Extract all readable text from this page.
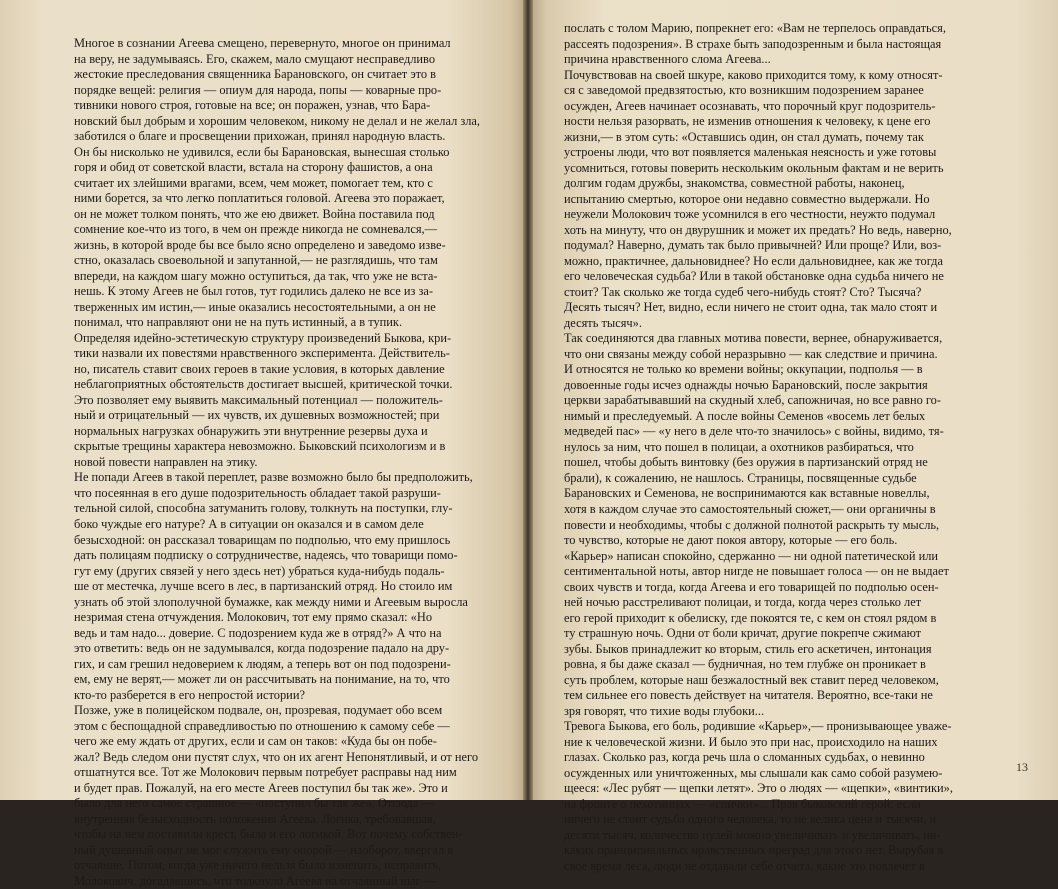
Многое в сознании Агеева смещено, перевернуто, многое он принимал
на веру, не задумываясь. Его, скажем, мало смущают несправедливо
жестокие преследования священника Барановского, он считает это в
порядке вещей: религия — опиум для народа, попы — коварные про-
тивники нового строя, готовые на все; он поражен, узнав, что Бара-
новский был добрым и хорошим человеком, никому не делал и не желал зла,
заботился о благе и просвещении прихожан, принял народную власть.
Он бы нисколько не удивился, если бы Барановская, вынесшая столько
горя и обид от советской власти, встала на сторону фашистов, а она
считает их злейшими врагами, всем, чем может, помогает тем, кто с
ними борется, за что легко поплатиться головой. Агеева это поражает,
он не может толком понять, что же ею движет. Война поставила под
сомнение кое-что из того, в чем он прежде никогда не сомневался,—
жизнь, в которой вроде бы все было ясно определено и заведомо изве-
стно, оказалась своевольной и запутанной,— не разглядишь, что там
впереди, на каждом шагу можно оступиться, да так, что уже не вста-
нешь. К этому Агеев не был готов, тут годились далеко не все из за-
тверженных им истин,— иные оказались несостоятельными, а он не
понимал, что направляют они не на путь истинный, а в тупик.
Определяя идейно-эстетическую структуру произведений Быкова, кри-
тики назвали их повестями нравственного эксперимента. Действитель-
но, писатель ставит своих героев в такие условия, в которых давление
неблагоприятных обстоятельств достигает высшей, критической точки.
Это позволяет ему выявить максимальный потенциал — положитель-
ный и отрицательный — их чувств, их душевных возможностей; при
нормальных нагрузках обнаружить эти внутренние резервы духа и
скрытые трещины характера невозможно. Быковский психологизм и в
новой повести направлен на этику.
Не попади Агеев в такой переплет, разве возможно было бы предположить,
что посеянная в его душе подозрительность обладает такой разруши-
тельной силой, способна затуманить голову, толкнуть на поступки, глу-
боко чуждые его натуре? А в ситуации он оказался и в самом деле
безысходной: он рассказал товарищам по подполью, что ему пришлось
дать полицаям подписку о сотрудничестве, надеясь, что товарищи помо-
гут ему (других связей у него здесь нет) убраться куда-нибудь подаль-
ше от местечка, лучше всего в лес, в партизанский отряд. Но стоило им
узнать об этой злополучной бумажке, как между ними и Агеевым выросла
незримая стена отчуждения. Молокович, тот ему прямо сказал: «Но
ведь и там надо... доверие. С подозрением куда же в отряд?» А что на
это ответить: ведь он не задумывался, когда подозрение падало на дру-
гих, и сам грешил недоверием к людям, а теперь вот он под подозрени-
ем, ему не верят,— может ли он рассчитывать на понимание, на то, что
кто-то разберется в его непростой истории?
Позже, уже в полицейском подвале, он, прозревая, подумает обо всем
этом с беспощадной справедливостью по отношению к самому себе —
чего же ему ждать от других, если и сам он таков: «Куда бы он побе-
жал? Ведь следом они пустят слух, что он их агент Непонятливый, и от него
отшатнутся все. Тот же Молокович первым потребует расправы над ним
и будет прав. Пожалуй, на его месте Агеев поступил бы так же». Это и
было для него самое страшное — «поступил бы так же». Отсюда —
внутренняя безысходность положения Агеева. Логика, требовавшая,
чтобы на нем поставили крест, была и его логикой. Вот почему собствен-
ный душевный опыт не мог служить ему опорой — наоборот, ввергал в
отчаяние. Потом, когда уже ничего нельзя было изменить, исправить,
Молокович, догадавшись, что толкнуло Агеева на отчаянный шаг —
послать с толом Марию, попрекнет его: «Вам не терпелось оправдаться,
рассеять подозрения». В страхе быть заподозренным и была настоящая
причина нравственного слома Агеева...
Почувствовав на своей шкуре, каково приходится тому, к кому относят-
ся с заведомой предвзятостью, кто возникшим подозрением заранее
осужден, Агеев начинает осознавать, что порочный круг подозритель-
ности нельзя разорвать, не изменив отношения к человеку, к цене его
жизни,— в этом суть: «Оставшись один, он стал думать, почему так
устроены люди, что вот появляется маленькая неясность и уже готовы
усомниться, готовы поверить нескольким окольным фактам и не верить
долгим годам дружбы, знакомства, совместной работы, наконец,
испытанию смертью, которое они недавно совместно выдержали. Но
неужели Молокович тоже усомнился в его честности, неужто подумал
хоть на минуту, что он двурушник и может их предать? Но ведь, наверно,
подумал? Наверно, думать так было привычней? Или проще? Или, воз-
можно, практичнее, дальновиднее? Но если дальновиднее, как же тогда
его человеческая судьба? Или в такой обстановке одна судьба ничего не
стоит? Так сколько же тогда судеб чего-нибудь стоят? Сто? Тысяча?
Десять тысяч? Нет, видно, если ничего не стоит одна, так мало стоят и
десять тысяч».
Так соединяются два главных мотива повести, вернее, обнаруживается,
что они связаны между собой неразрывно — как следствие и причина.
И относятся не только ко времени войны; оккупации, подполья — в
довоенные годы исчез однажды ночью Барановский, после закрытия
церкви зарабатывавший на скудный хлеб, сапожничая, но все равно го-
нимый и преследуемый. А после войны Семенов «восемь лет белых
медведей пас» — «у него в деле что-то значилось» с войны, видимо, тя-
нулось за ним, что пошел в полицаи, а охотников разбираться, что
пошел, чтобы добыть винтовку (без оружия в партизанский отряд не
брали), к сожалению, не нашлось. Страницы, посвященные судьбе
Барановских и Семенова, не воспринимаются как вставные новеллы,
хотя в каждом случае это самостоятельный сюжет,— они органичны в
повести и необходимы, чтобы с должной полнотой раскрыть ту мысль,
то чувство, которые не дают покоя автору, которые — его боль.
«Карьер» написан спокойно, сдержанно — ни одной патетической или
сентиментальной ноты, автор нигде не повышает голоса — он не выдает
своих чувств и тогда, когда Агеева и его товарищей по подполью осен-
ней ночью расстреливают полицаи, и тогда, когда через столько лет
его герой приходит к обелиску, где покоятся те, с кем он стоял рядом в
ту страшную ночь. Одни от боли кричат, другие покрепче сжимают
зубы. Быков принадлежит ко вторым, стиль его аскетичен, интонация
ровна, я бы даже сказал — будничная, но тем глубже он проникает в
суть проблем, которые наш безжалостный век ставит перед человеком,
тем сильнее его повесть действует на читателя. Вероятно, все-таки не
зря говорят, что тихие воды глубоки...
Тревога Быкова, его боль, родившие «Карьер»,— пронизывающее уваже-
ние к человеческой жизни. И было это при нас, происходило на наших
глазах. Сколько раз, когда речь шла о сломанных судьбах, о невинно
осужденных или уничтоженных, мы слышали как само собой разумею-
щееся: «Лес рубят — щепки летят». Это о людях — «щепки», «винтики»,
на фронте о пехотинцах — «спички»... Прав быковский герой: если
ничего не стоит судьба одного человека, то не велика цена и тысячи, и
десяти тысяч, количество нулей можно увеличивать и увеличивать, ни-
каких принципиальных нравственных преград для этого нет. Вырубая в
свое время леса, люди не отдавали себе отчета, какие это повлечет в
13
